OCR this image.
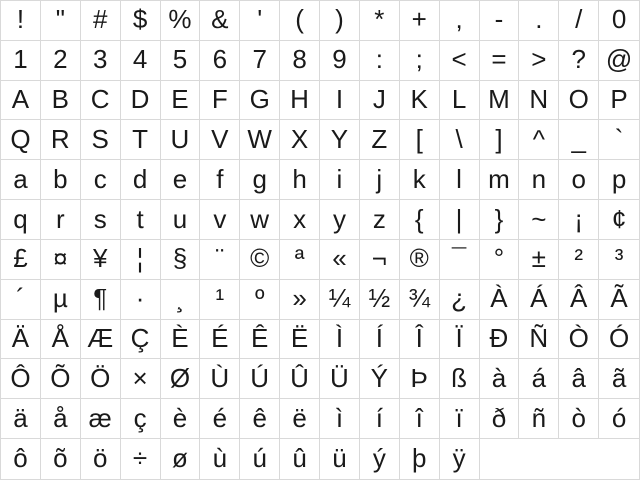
! " # $ % & ' ( ) * + , - . / 0
1 2 3 4 5 6 7 8 9 : ; < = > ? @
A B C D E F G H I J K L M N O P
Q R S T U V W X Y Z [ \ ] ^ _ `
a b c d e f g h i j k l m n o p
q r s t u v w x y z { | } ~ ¡ ¢
£ ¤ ¥ ¦ § ¨ © ª « ¬ ® ¯ ° ± ² ³
´ µ ¶ · ¸ ¹ º » ¼ ½ ¾ ¿ À Á Â Ã
Ä Å Æ Ç È É Ê Ë Ì Í Î Ï Ð Ñ Ò Ó
Ô Õ Ö × Ø Ù Ú Û Ü Ý Þ ß à á â ã
ä å æ ç è é ê ë ì í î ï ð ñ ò ó
ô õ ö ÷ ø ù ú û ü ý þ ÿ
